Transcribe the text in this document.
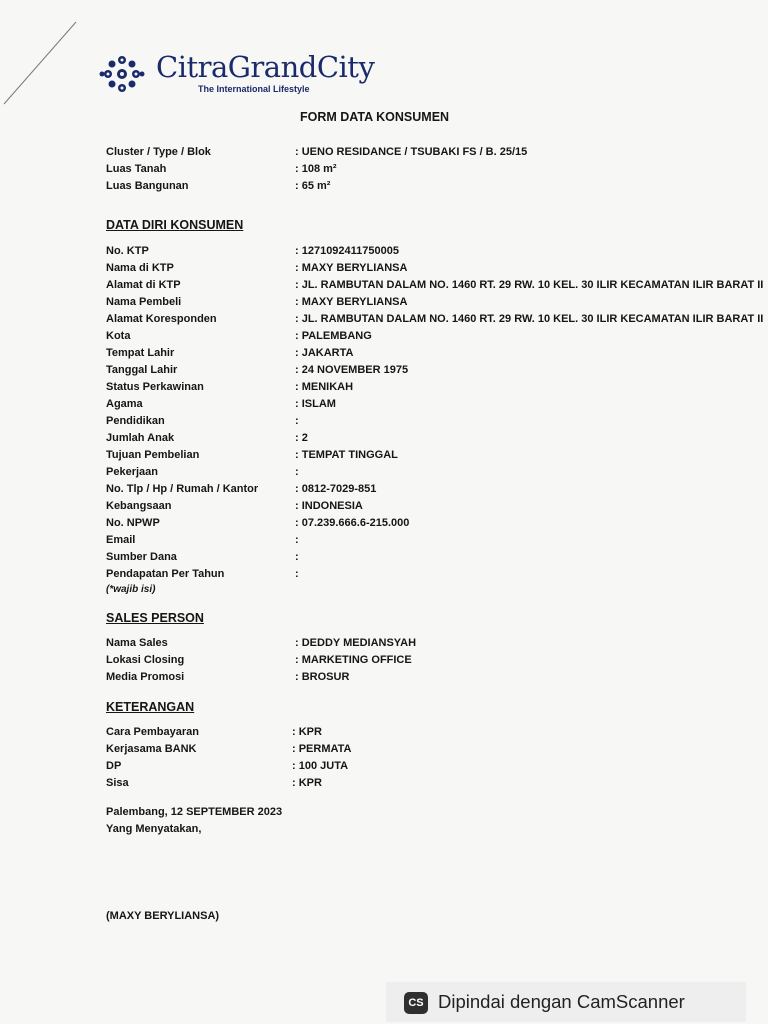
CitraGrandCity
The International Lifestyle
FORM DATA KONSUMEN
Cluster / Type / Blok	: UENO RESIDANCE / TSUBAKI FS / B. 25/15
Luas Tanah	: 108 m²
Luas Bangunan	: 65 m²
DATA DIRI KONSUMEN
No. KTP	: 1271092411750005
Nama di KTP	: MAXY BERYLIANSA
Alamat di KTP	: JL. RAMBUTAN DALAM NO. 1460 RT. 29 RW. 10 KEL. 30 ILIR KECAMATAN ILIR BARAT II
Nama Pembeli	: MAXY BERYLIANSA
Alamat Koresponden	: JL. RAMBUTAN DALAM NO. 1460 RT. 29 RW. 10 KEL. 30 ILIR KECAMATAN ILIR BARAT II
Kota	: PALEMBANG
Tempat Lahir	: JAKARTA
Tanggal Lahir	: 24 NOVEMBER 1975
Status Perkawinan	: MENIKAH
Agama	: ISLAM
Pendidikan	:
Jumlah Anak	: 2
Tujuan Pembelian	: TEMPAT TINGGAL
Pekerjaan	:
No. Tlp / Hp / Rumah / Kantor	: 0812-7029-851
Kebangsaan	: INDONESIA
No. NPWP	: 07.239.666.6-215.000
Email	:
Sumber Dana	:
Pendapatan Per Tahun	:
(*wajib isi)
SALES PERSON
Nama Sales	: DEDDY MEDIANSYAH
Lokasi Closing	: MARKETING OFFICE
Media Promosi	: BROSUR
KETERANGAN
Cara Pembayaran	: KPR
Kerjasama BANK	: PERMATA
DP	: 100 JUTA
Sisa	: KPR
Palembang, 12 SEPTEMBER 2023
Yang Menyatakan,
(MAXY BERYLIANSA)
CS Dipindai dengan CamScanner
